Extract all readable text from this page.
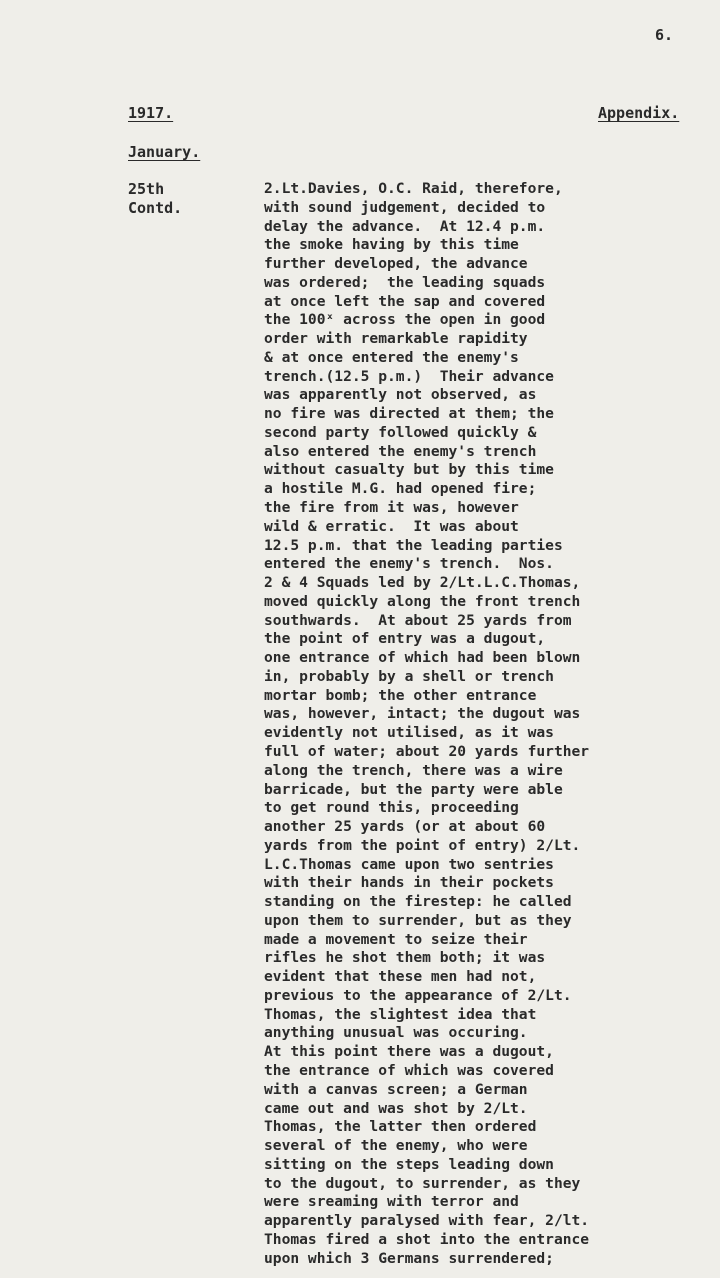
6.
1917.	Appendix.
January.
25th
Contd.
2.Lt.Davies, O.C. Raid, therefore,
with sound judgement, decided to
delay the advance.  At 12.4 p.m.
the smoke having by this time
further developed, the advance
was ordered;  the leading squads
at once left the sap and covered
the 100ˣ across the open in good
order with remarkable rapidity
& at once entered the enemy's
trench.(12.5 p.m.)  Their advance
was apparently not observed, as
no fire was directed at them; the
second party followed quickly &
also entered the enemy's trench
without casualty but by this time
a hostile M.G. had opened fire;
the fire from it was, however
wild & erratic.  It was about
12.5 p.m. that the leading parties
entered the enemy's trench.  Nos.
2 & 4 Squads led by 2/Lt.L.C.Thomas,
moved quickly along the front trench
southwards.  At about 25 yards from
the point of entry was a dugout,
one entrance of which had been blown
in, probably by a shell or trench
mortar bomb; the other entrance
was, however, intact; the dugout was
evidently not utilised, as it was
full of water; about 20 yards further
along the trench, there was a wire
barricade, but the party were able
to get round this, proceeding
another 25 yards (or at about 60
yards from the point of entry) 2/Lt.
L.C.Thomas came upon two sentries
with their hands in their pockets
standing on the firestep: he called
upon them to surrender, but as they
made a movement to seize their
rifles he shot them both; it was
evident that these men had not,
previous to the appearance of 2/Lt.
Thomas, the slightest idea that
anything unusual was occuring.
At this point there was a dugout,
the entrance of which was covered
with a canvas screen; a German
came out and was shot by 2/Lt.
Thomas, the latter then ordered
several of the enemy, who were
sitting on the steps leading down
to the dugout, to surrender, as they
were sreaming with terror and
apparently paralysed with fear, 2/lt.
Thomas fired a shot into the entrance
upon which 3 Germans surrendered;
